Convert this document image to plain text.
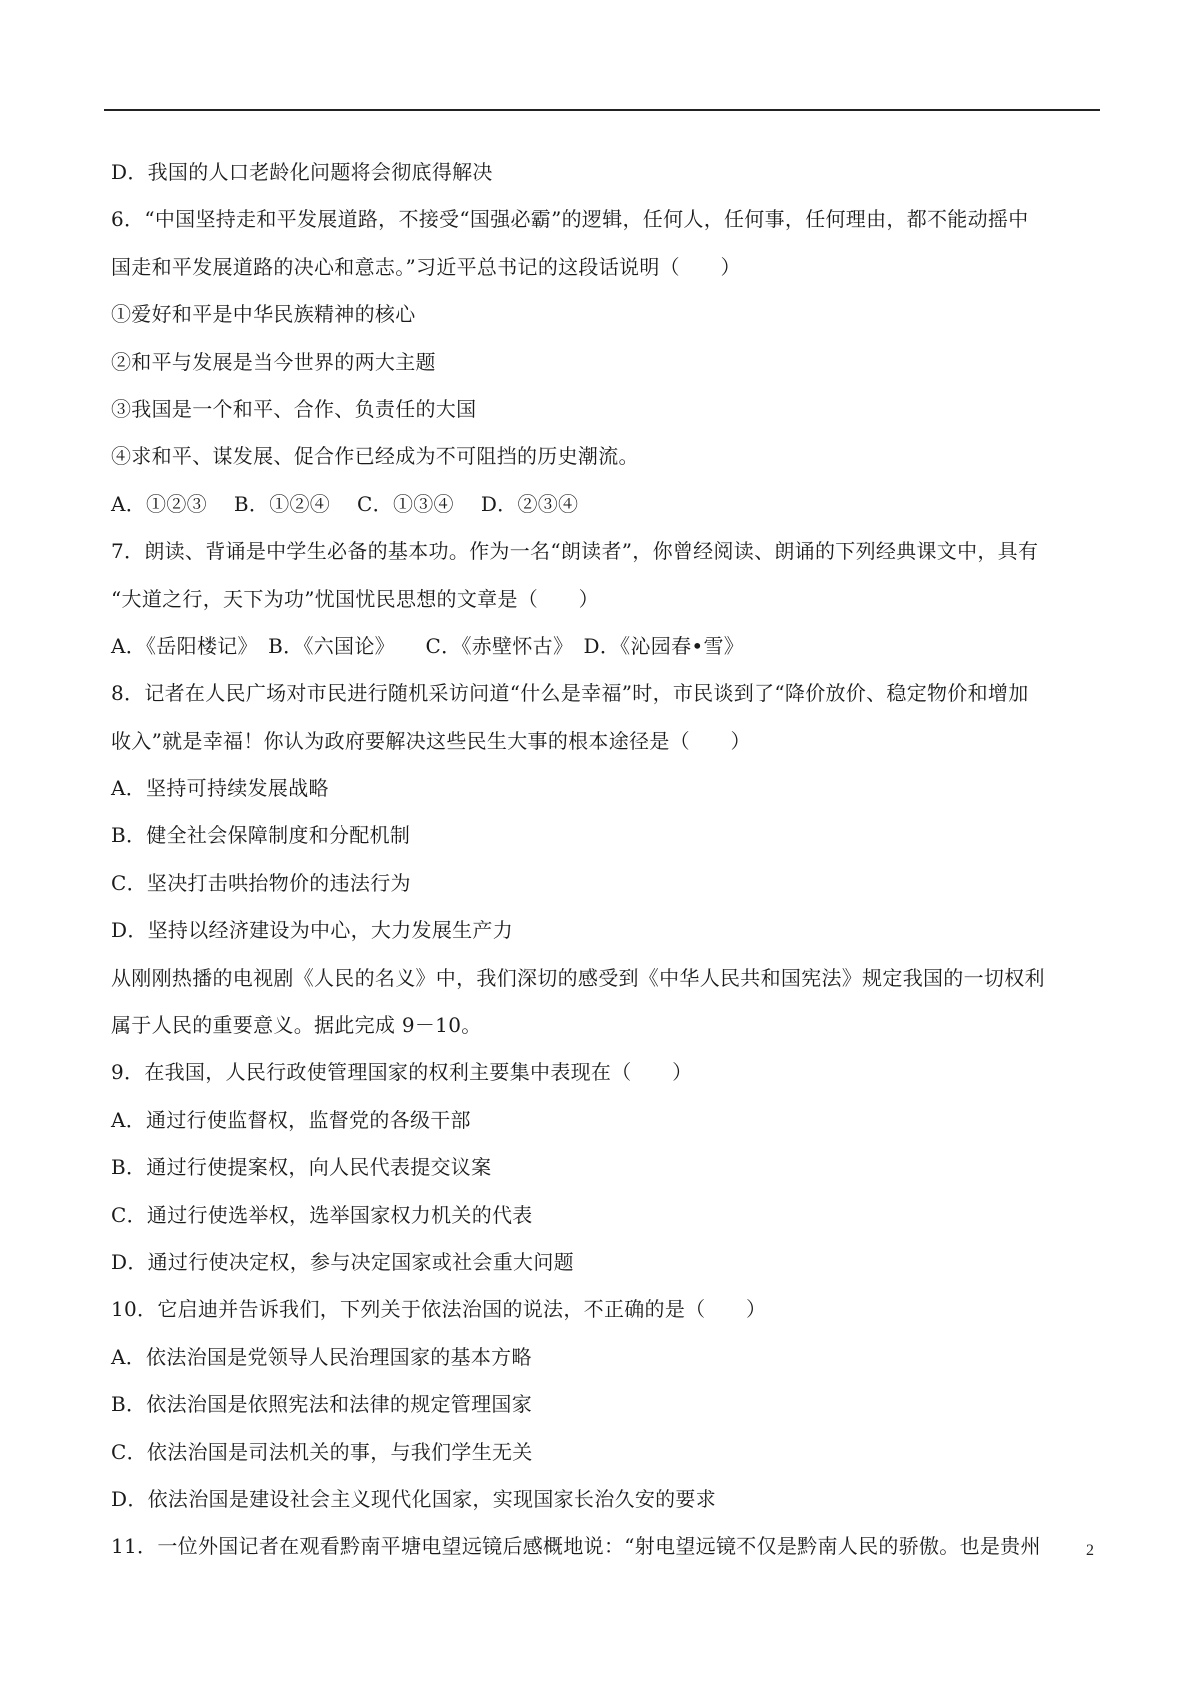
D．我国的人口老龄化问题将会彻底得解决
6．“中国坚持走和平发展道路，不接受“国强必霸”的逻辑，任何人，任何事，任何理由，都不能动摇中
国走和平发展道路的决心和意志。”习近平总书记的这段话说明（　　）
①爱好和平是中华民族精神的核心
②和平与发展是当今世界的两大主题
③我国是一个和平、合作、负责任的大国
④求和平、谋发展、促合作已经成为不可阻挡的历史潮流。
A．①②③　 B．①②④　 C．①③④　 D．②③④
7．朗读、背诵是中学生必备的基本功。作为一名“朗读者”，你曾经阅读、朗诵的下列经典课文中，具有
“大道之行，天下为功”忧国忧民思想的文章是（　　）
A．《岳阳楼记》　B．《六国论》　　C．《赤壁怀古》　D．《沁园春•雪》
8．记者在人民广场对市民进行随机采访问道“什么是幸福”时，市民谈到了“降价放价、稳定物价和增加
收入”就是幸福！你认为政府要解决这些民生大事的根本途径是（　　）
A．坚持可持续发展战略
B．健全社会保障制度和分配机制
C．坚决打击哄抬物价的违法行为
D．坚持以经济建设为中心，大力发展生产力
从刚刚热播的电视剧《人民的名义》中，我们深切的感受到《中华人民共和国宪法》规定我国的一切权利
属于人民的重要意义。据此完成 9－10。
9．在我国，人民行政使管理国家的权利主要集中表现在（　　）
A．通过行使监督权，监督党的各级干部
B．通过行使提案权，向人民代表提交议案
C．通过行使选举权，选举国家权力机关的代表
D．通过行使决定权，参与决定国家或社会重大问题
10．它启迪并告诉我们，下列关于依法治国的说法，不正确的是（　　）
A．依法治国是党领导人民治理国家的基本方略
B．依法治国是依照宪法和法律的规定管理国家
C．依法治国是司法机关的事，与我们学生无关
D．依法治国是建设社会主义现代化国家，实现国家长治久安的要求
11．一位外国记者在观看黔南平塘电望远镜后感概地说：“射电望远镜不仅是黔南人民的骄傲。也是贵州	2
